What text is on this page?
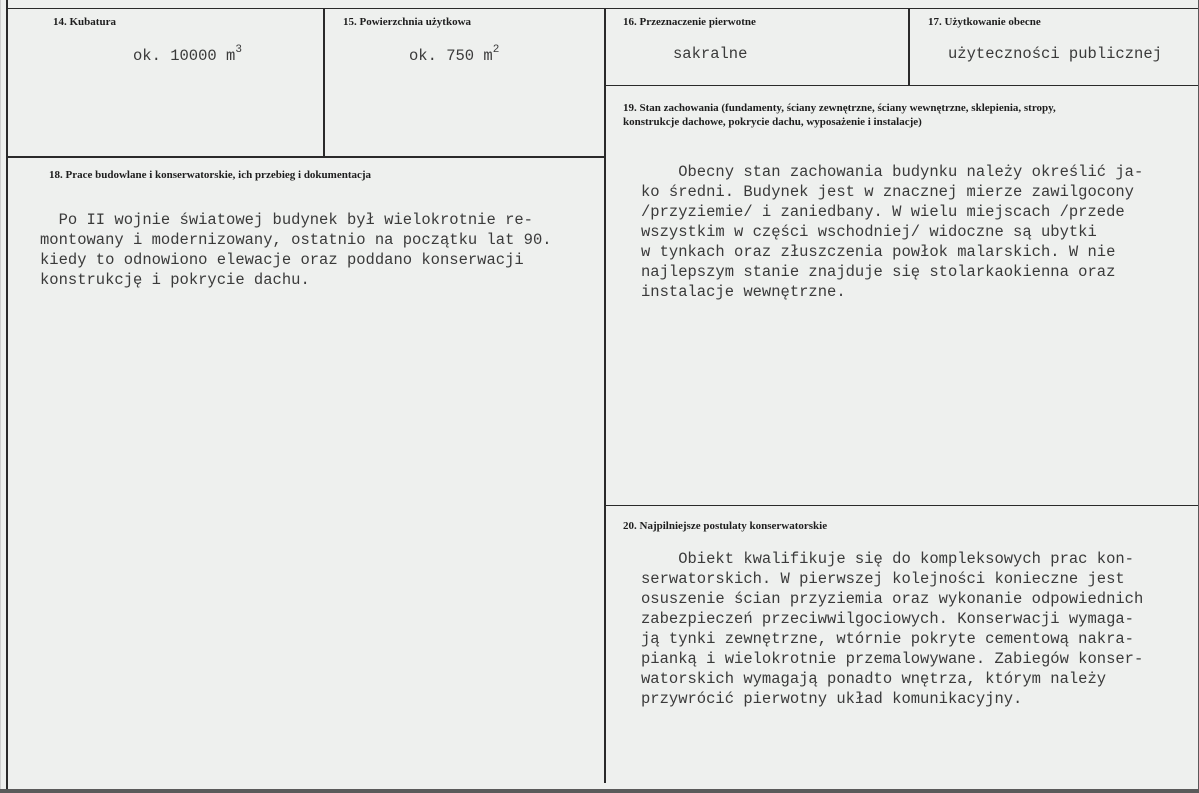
14. Kubatura
ok. 10000 $m^3$
15. Powierzchnia użytkowa
ok. 750 $m^2$
16. Przeznaczenie pierwotne
sakralne
17. Użytkowanie obecne
użyteczności publicznej
19. Stan zachowania (fundamenty, ściany zewnętrzne, ściany wewnętrzne, sklepienia, stropy,
konstrukcje dachowe, pokrycie dachu, wyposażenie i instalacje)
Obecny stan zachowania budynku należy określić ja-
ko średni. Budynek jest w znacznej mierze zawilgocony
/przyziemie/ i zaniedbany. W wielu miejscach /przede
wszystkim w części wschodniej/ widoczne są ubytki
w tynkach oraz złuszczenia powłok malarskich. W nie
najlepszym stanie znajduje się stolarkaokienna oraz
instalacje wewnętrzne.
18. Prace budowlane i konserwatorskie, ich przebieg i dokumentacja
Po II wojnie światowej budynek był wielokrotnie re-
montowany i modernizowany, ostatnio na początku lat 90.
kiedy to odnowiono elewacje oraz poddano konserwacji
konstrukcję i pokrycie dachu.
20. Najpilniejsze postulaty konserwatorskie
Obiekt kwalifikuje się do kompleksowych prac kon-
serwatorskich. W pierwszej kolejności konieczne jest
osuszenie ścian przyziemia oraz wykonanie odpowiednich
zabezpieczeń przeciwwilgociowych. Konserwacji wymaga-
ją tynki zewnętrzne, wtórnie pokryte cementową nakra-
pianką i wielokrotnie przemalowywane. Zabiegów konser-
watorskich wymagają ponadto wnętrza, którym należy
przywrócić pierwotny układ komunikacyjny.
